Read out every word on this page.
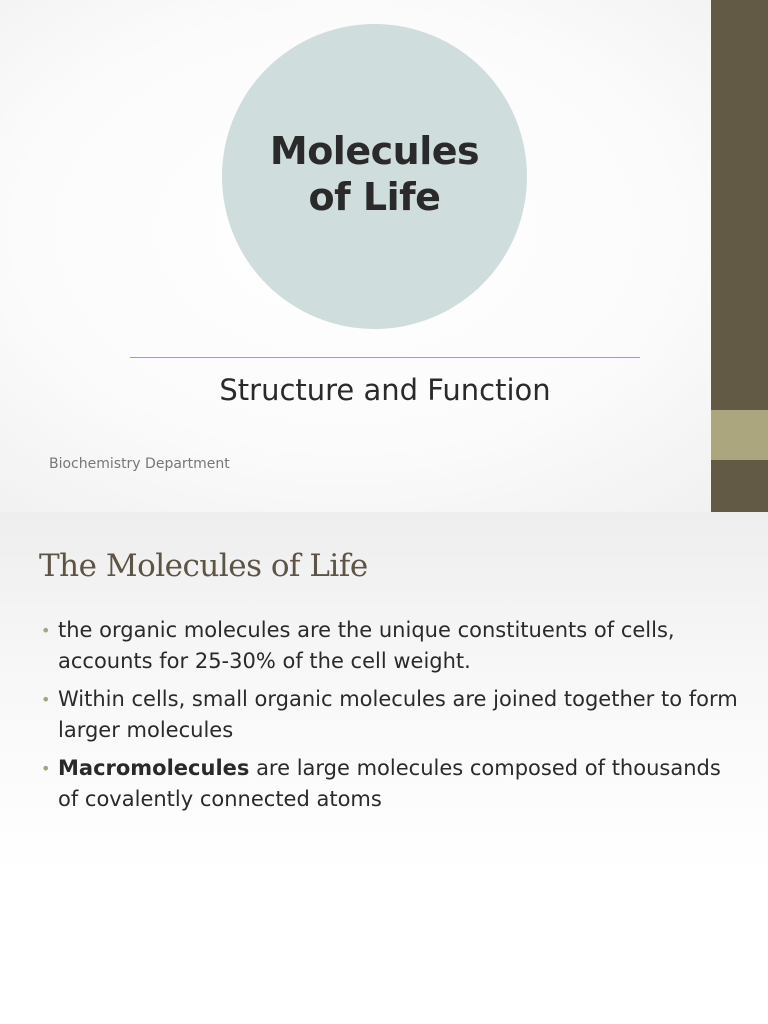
Molecules
of Life
Structure and Function
Biochemistry Department
The Molecules of Life
• the organic molecules are the unique constituents of cells, accounts for 25-30% of the cell weight.
• Within cells, small organic molecules are joined together to form larger molecules
• Macromolecules are large molecules composed of thousands of covalently connected atoms
